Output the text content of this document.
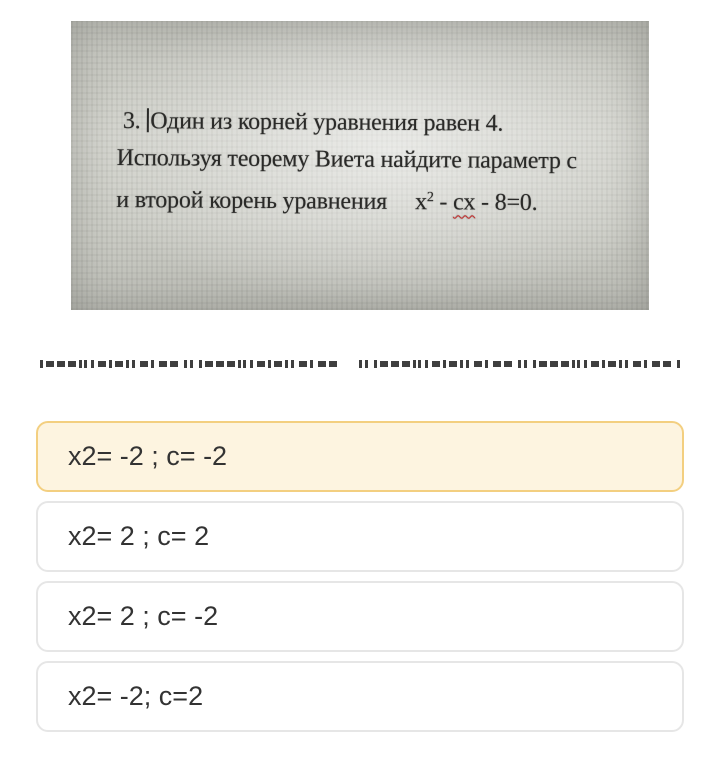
3. Один из корней уравнения равен 4.
Используя теорему Виета найдите параметр с
и второй корень уравнения $x^2$ - cx - 8=0.
x2= -2 ; c= -2
x2= 2 ; c= 2
x2= 2 ; c= -2
x2= -2; c=2
